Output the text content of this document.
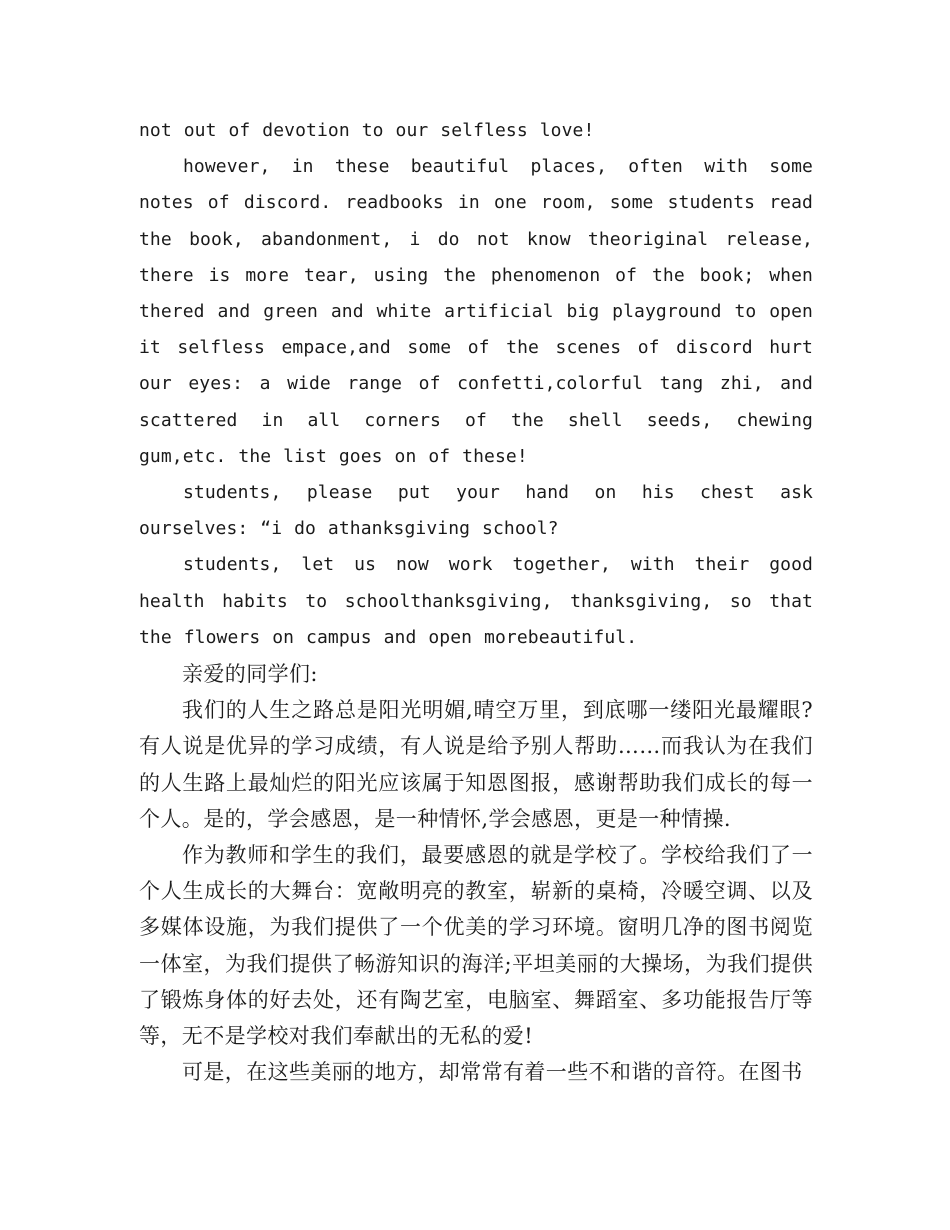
not out of devotion to our selfless love!

however, in these beautiful places, often with some notes of discord. readbooks in one room, some students read the book, abandonment, i do not know theoriginal release, there is more tear, using the phenomenon of the book; when thered and green and white artificial big playground to open it selfless empace,and some of the scenes of discord hurt our eyes: a wide range of confetti,colorful tang zhi, and scattered in all corners of the shell seeds, chewing gum,etc. the list goes on of these!

students, please put your hand on his chest ask ourselves: “i do athanksgiving school?

students, let us now work together, with their good health habits to schoolthanksgiving, thanksgiving, so that the flowers on campus and open morebeautiful.

亲爱的同学们:

我们的人生之路总是阳光明媚,晴空万里，到底哪一缕阳光最耀眼?有人说是优异的学习成绩，有人说是给予别人帮助……而我认为在我们的人生路上最灿烂的阳光应该属于知恩图报，感谢帮助我们成长的每一个人。是的，学会感恩，是一种情怀,学会感恩，更是一种情操.

作为教师和学生的我们，最要感恩的就是学校了。学校给我们了一个人生成长的大舞台：宽敞明亮的教室，崭新的桌椅，冷暖空调、以及多媒体设施，为我们提供了一个优美的学习环境。窗明几净的图书阅览一体室，为我们提供了畅游知识的海洋;平坦美丽的大操场，为我们提供了锻炼身体的好去处，还有陶艺室，电脑室、舞蹈室、多功能报告厅等等，无不是学校对我们奉献出的无私的爱!

可是，在这些美丽的地方，却常常有着一些不和谐的音符。在图书
